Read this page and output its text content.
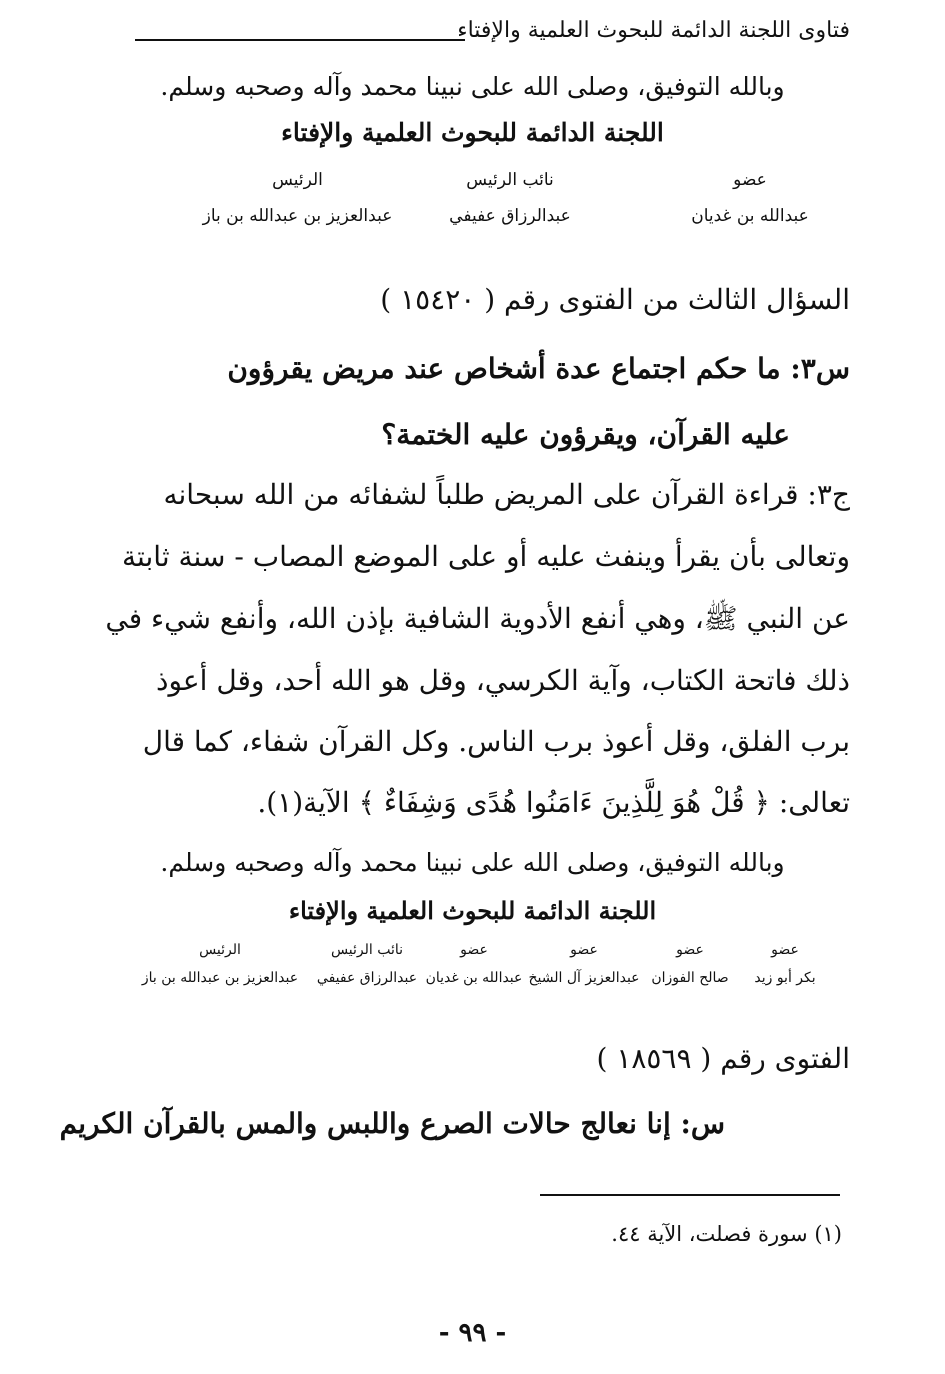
فتاوى اللجنة الدائمة للبحوث العلمية والإفتاء
وبالله التوفيق، وصلى الله على نبينا محمد وآله وصحبه وسلم.
اللجنة الدائمة للبحوث العلمية والإفتاء
عضو
عبدالله بن غديان
نائب الرئيس
عبدالرزاق عفيفي
الرئيس
عبدالعزيز بن عبدالله بن باز
السؤال الثالث من الفتوى رقم ( ١٥٤٢٠ )
س٣: ما حكم اجتماع عدة أشخاص عند مريض يقرؤون
عليه القرآن، ويقرؤون عليه الختمة؟
ج٣: قراءة القرآن على المريض طلباً لشفائه من الله سبحانه
وتعالى بأن يقرأ وينفث عليه أو على الموضع المصاب - سنة ثابتة
عن النبي ﷺ، وهي أنفع الأدوية الشافية بإذن الله، وأنفع شيء في
ذلك فاتحة الكتاب، وآية الكرسي، وقل هو الله أحد، وقل أعوذ
برب الفلق، وقل أعوذ برب الناس. وكل القرآن شفاء، كما قال
تعالى: ﴿ قُلْ هُوَ لِلَّذِينَ ءَامَنُوا هُدًى وَشِفَاءٌ ﴾ الآية(١).
وبالله التوفيق، وصلى الله على نبينا محمد وآله وصحبه وسلم.
اللجنة الدائمة للبحوث العلمية والإفتاء
عضو
بكر أبو زيد
عضو
صالح الفوزان
عضو
عبدالعزيز آل الشيخ
عضو
عبدالله بن غديان
نائب الرئيس
عبدالرزاق عفيفي
الرئيس
عبدالعزيز بن عبدالله بن باز
الفتوى رقم ( ١٨٥٦٩ )
س: إنا نعالج حالات الصرع واللبس والمس بالقرآن الكريم
(١) سورة فصلت، الآية ٤٤.
- ٩٩ -
